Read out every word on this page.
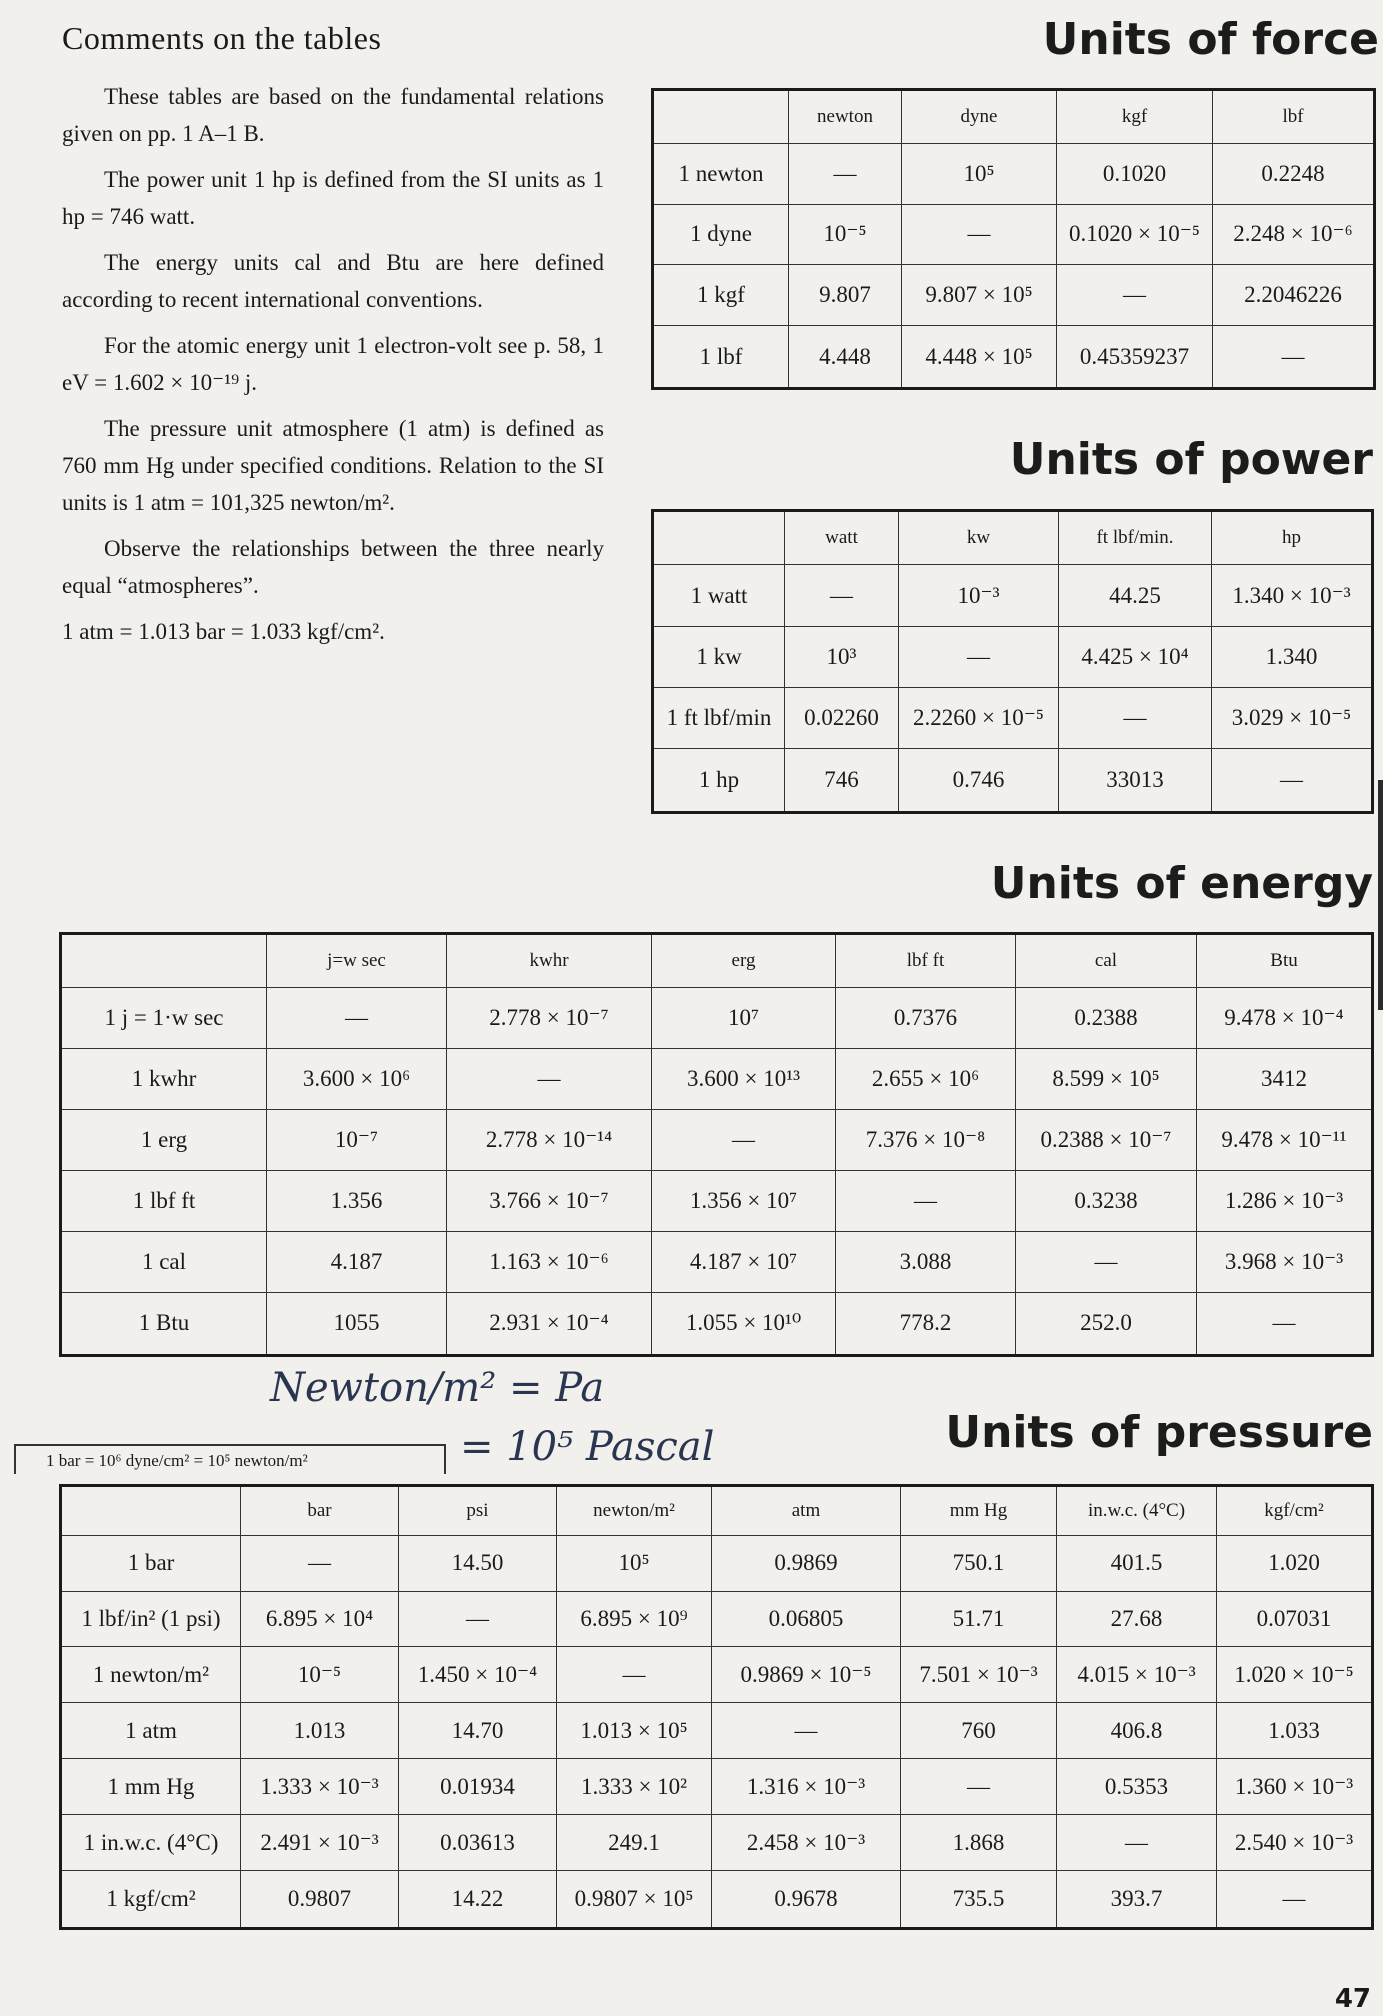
Comments on the tables

These tables are based on the fundamental relations given on pp. 1 A–1 B.

The power unit 1 hp is defined from the SI units as 1 hp = 746 watt.

The energy units cal and Btu are here defined according to recent international conventions.

For the atomic energy unit 1 electron-volt see p. 58, 1 eV = 1.602 × 10⁻¹⁹ j.

The pressure unit atmosphere (1 atm) is defined as 760 mm Hg under specified conditions. Relation to the SI units is 1 atm = 101,325 newton/m².

Observe the relationships between the three nearly equal “atmospheres”.

1 atm = 1.013 bar = 1.033 kgf/cm².

Units of force
	newton	dyne	kgf	lbf
1 newton	—	10⁵	0.1020	0.2248
1 dyne	10⁻⁵	—	0.1020 × 10⁻⁵	2.248 × 10⁻⁶
1 kgf	9.807	9.807 × 10⁵	—	2.2046226
1 lbf	4.448	4.448 × 10⁵	0.45359237	—
Units of power
	watt	kw	ft lbf/min.	hp
1 watt	—	10⁻³	44.25	1.340 × 10⁻³
1 kw	10³	—	4.425 × 10⁴	1.340
1 ft lbf/min	0.02260	2.2260 × 10⁻⁵	—	3.029 × 10⁻⁵
1 hp	746	0.746	33013	—
Units of energy
	j=w sec	kwhr	erg	lbf ft	cal	Btu
1 j = 1·w sec	—	2.778 × 10⁻⁷	10⁷	0.7376	0.2388	9.478 × 10⁻⁴
1 kwhr	3.600 × 10⁶	—	3.600 × 10¹³	2.655 × 10⁶	8.599 × 10⁵	3412
1 erg	10⁻⁷	2.778 × 10⁻¹⁴	—	7.376 × 10⁻⁸	0.2388 × 10⁻⁷	9.478 × 10⁻¹¹
1 lbf ft	1.356	3.766 × 10⁻⁷	1.356 × 10⁷	—	0.3238	1.286 × 10⁻³
1 cal	4.187	1.163 × 10⁻⁶	4.187 × 10⁷	3.088	—	3.968 × 10⁻³
1 Btu	1055	2.931 × 10⁻⁴	1.055 × 10¹⁰	778.2	252.0	—
Newton/m² = Pa
1 bar = 10⁶ dyne/cm² = 10⁵ newton/m²	= 10⁵ Pascal	Units of pressure
	bar	psi	newton/m²	atm	mm Hg	in.w.c. (4°C)	kgf/cm²
1 bar	—	14.50	10⁵	0.9869	750.1	401.5	1.020
1 lbf/in² (1 psi)	6.895 × 10⁴	—	6.895 × 10⁹	0.06805	51.71	27.68	0.07031
1 newton/m²	10⁻⁵	1.450 × 10⁻⁴	—	0.9869 × 10⁻⁵	7.501 × 10⁻³	4.015 × 10⁻³	1.020 × 10⁻⁵
1 atm	1.013	14.70	1.013 × 10⁵	—	760	406.8	1.033
1 mm Hg	1.333 × 10⁻³	0.01934	1.333 × 10²	1.316 × 10⁻³	—	0.5353	1.360 × 10⁻³
1 in.w.c. (4°C)	2.491 × 10⁻³	0.03613	249.1	2.458 × 10⁻³	1.868	—	2.540 × 10⁻³
1 kgf/cm²	0.9807	14.22	0.9807 × 10⁵	0.9678	735.5	393.7	—
47
